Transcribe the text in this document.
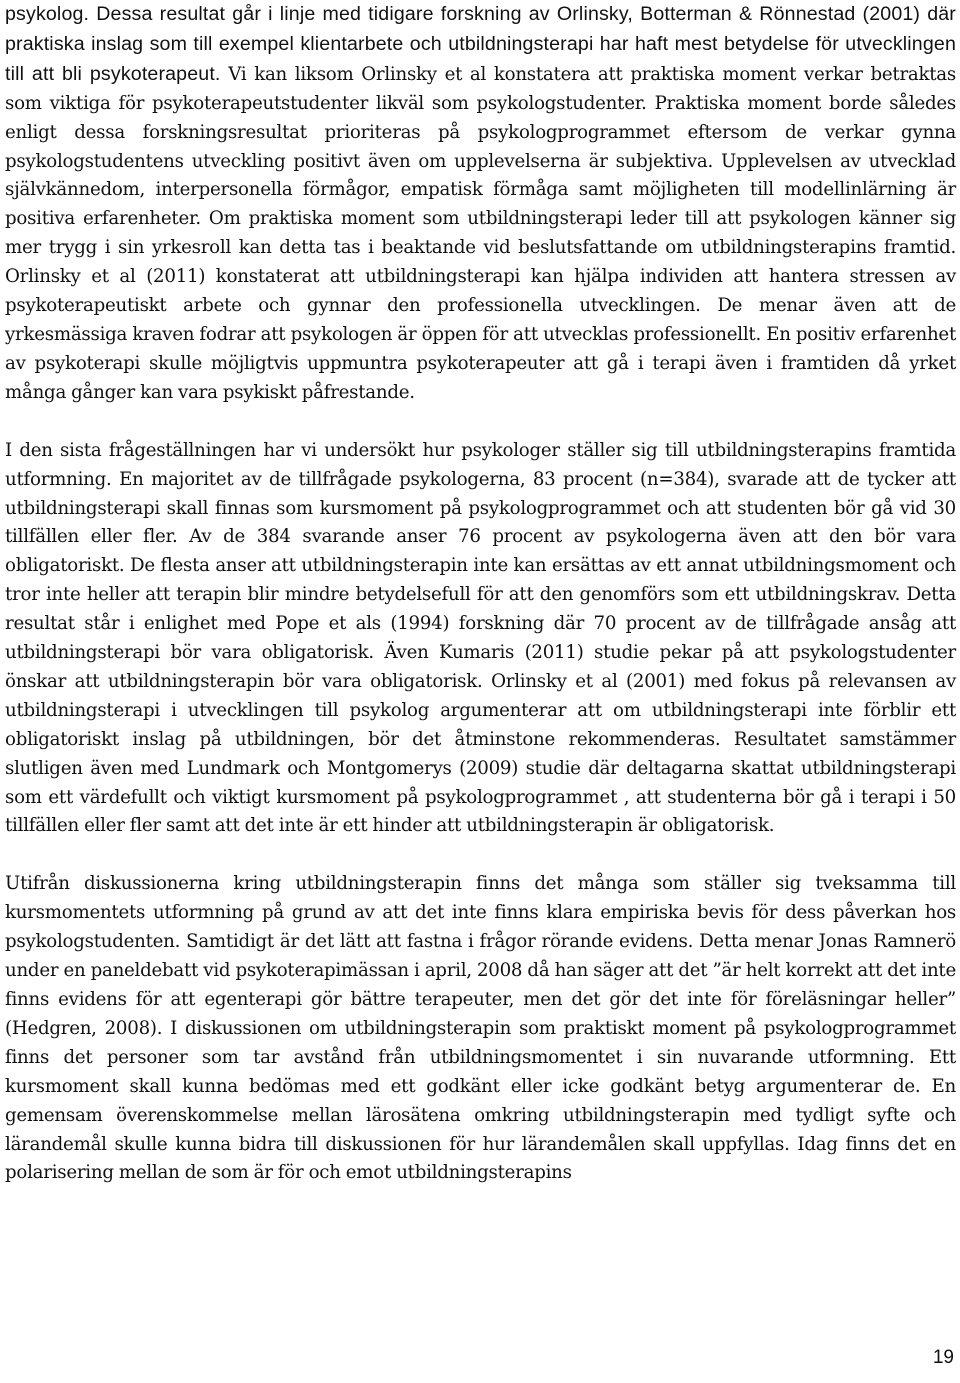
psykolog. Dessa resultat går i linje med tidigare forskning av Orlinsky, Botterman & Rönnestad (2001) där praktiska inslag som till exempel klientarbete och utbildningsterapi har haft mest betydelse för utvecklingen till att bli psykoterapeut. Vi kan liksom Orlinsky et al konstatera att praktiska moment verkar betraktas som viktiga för psykoterapeutstudenter likväl som psykologstudenter. Praktiska moment borde således enligt dessa forskningsresultat prioriteras på psykologprogrammet eftersom de verkar gynna psykologstudentens utveckling positivt även om upplevelserna är subjektiva. Upplevelsen av utvecklad självkännedom, interpersonella förmågor, empatisk förmåga samt möjligheten till modellinlärning är positiva erfarenheter. Om praktiska moment som utbildningsterapi leder till att psykologen känner sig mer trygg i sin yrkesroll kan detta tas i beaktande vid beslutsfattande om utbildningsterapins framtid. Orlinsky et al (2011) konstaterat att utbildningsterapi kan hjälpa individen att hantera stressen av psykoterapeutiskt arbete och gynnar den professionella utvecklingen. De menar även att de yrkesmässiga kraven fodrar att psykologen är öppen för att utvecklas professionellt. En positiv erfarenhet av psykoterapi skulle möjligtvis uppmuntra psykoterapeuter att gå i terapi även i framtiden då yrket många gånger kan vara psykiskt påfrestande.

I den sista frågeställningen har vi undersökt hur psykologer ställer sig till utbildningsterapins framtida utformning. En majoritet av de tillfrågade psykologerna, 83 procent (n=384), svarade att de tycker att utbildningsterapi skall finnas som kursmoment på psykologprogrammet och att studenten bör gå vid 30 tillfällen eller fler. Av de 384 svarande anser 76 procent av psykologerna även att den bör vara obligatoriskt. De flesta anser att utbildningsterapin inte kan ersättas av ett annat utbildningsmoment och tror inte heller att terapin blir mindre betydelsefull för att den genomförs som ett utbildningskrav. Detta resultat står i enlighet med Pope et als (1994) forskning där 70 procent av de tillfrågade ansåg att utbildningsterapi bör vara obligatorisk. Även Kumaris (2011) studie pekar på att psykologstudenter önskar att utbildningsterapin bör vara obligatorisk. Orlinsky et al (2001) med fokus på relevansen av utbildningsterapi i utvecklingen till psykolog argumenterar att om utbildningsterapi inte förblir ett obligatoriskt inslag på utbildningen, bör det åtminstone rekommenderas. Resultatet samstämmer slutligen även med Lundmark och Montgomerys (2009) studie där deltagarna skattat utbildningsterapi som ett värdefullt och viktigt kursmoment på psykologprogrammet , att studenterna bör gå i terapi i 50 tillfällen eller fler samt att det inte är ett hinder att utbildningsterapin är obligatorisk.

Utifrån diskussionerna kring utbildningsterapin finns det många som ställer sig tveksamma till kursmomentets utformning på grund av att det inte finns klara empiriska bevis för dess påverkan hos psykologstudenten. Samtidigt är det lätt att fastna i frågor rörande evidens. Detta menar Jonas Ramnerö under en paneldebatt vid psykoterapimässan i april, 2008 då han säger att det ”är helt korrekt att det inte finns evidens för att egenterapi gör bättre terapeuter, men det gör det inte för föreläsningar heller” (Hedgren, 2008). I diskussionen om utbildningsterapin som praktiskt moment på psykologprogrammet finns det personer som tar avstånd från utbildningsmomentet i sin nuvarande utformning. Ett kursmoment skall kunna bedömas med ett godkänt eller icke godkänt betyg argumenterar de. En gemensam överenskommelse mellan lärosätena omkring utbildningsterapin med tydligt syfte och lärandemål skulle kunna bidra till diskussionen för hur lärandemålen skall uppfyllas. Idag finns det en polarisering mellan de som är för och emot utbildningsterapins

19
